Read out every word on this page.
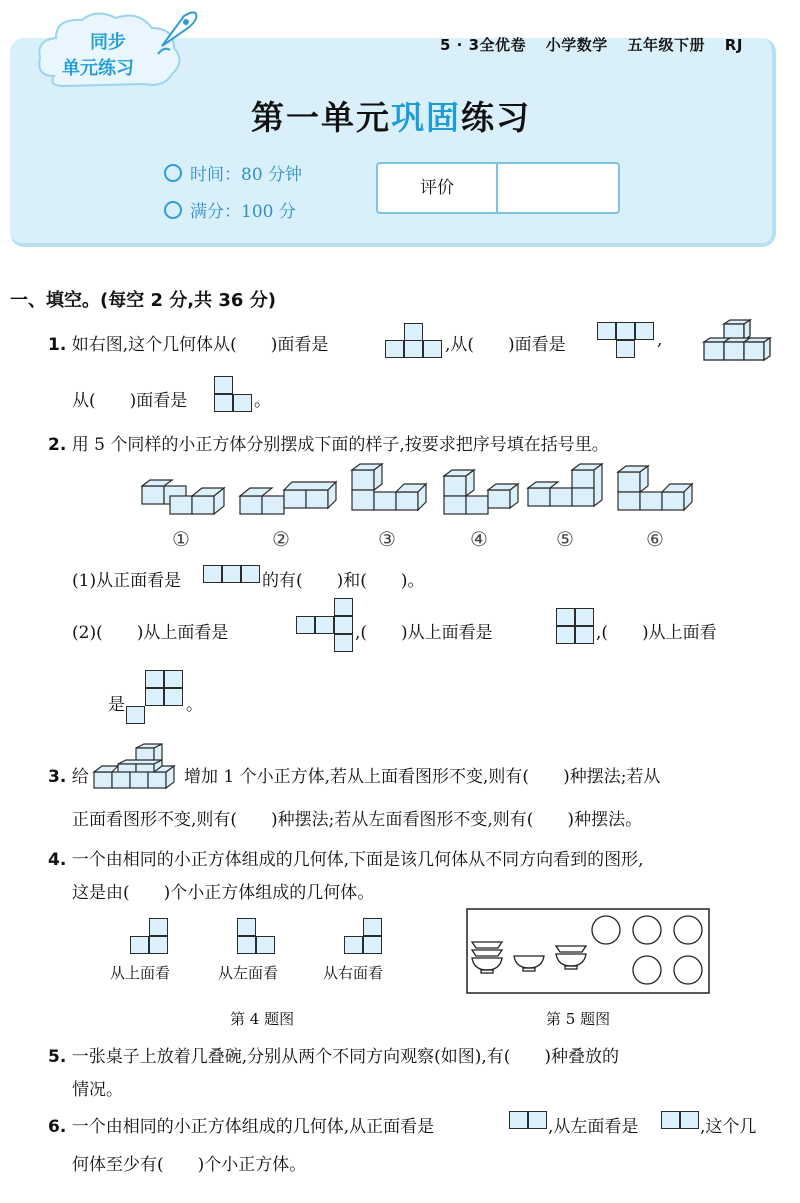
同步
单元练习
5 · 3全优卷 小学数学 五年级下册 RJ
第一单元巩固练习
时间：80 分钟
满分：100 分
评价
一、填空。(每空 2 分,共 36 分)
1. 如右图,这个几何体从(　　)面看是	,从(　　)面看是	,
从(　　)面看是	。
2. 用 5 个同样的小正方体分别摆成下面的样子,按要求把序号填在括号里。
①	②	③	④	⑤	⑥
(1)从正面看是	的有(　　)和(　　)。
(2)(　　)从上面看是	,(　　)从上面看是	,(　　)从上面看
是	。
3. 给	增加 1 个小正方体,若从上面看图形不变,则有(　　)种摆法;若从
正面看图形不变,则有(　　)种摆法;若从左面看图形不变,则有(　　)种摆法。
4. 一个由相同的小正方体组成的几何体,下面是该几何体从不同方向看到的图形,
这是由(　　)个小正方体组成的几何体。
从上面看	从左面看	从右面看
第 4 题图	第 5 题图
5. 一张桌子上放着几叠碗,分别从两个不同方向观察(如图),有(　　)种叠放的
情况。
6. 一个由相同的小正方体组成的几何体,从正面看是	,从左面看是	,这个几
何体至少有(　　)个小正方体。
